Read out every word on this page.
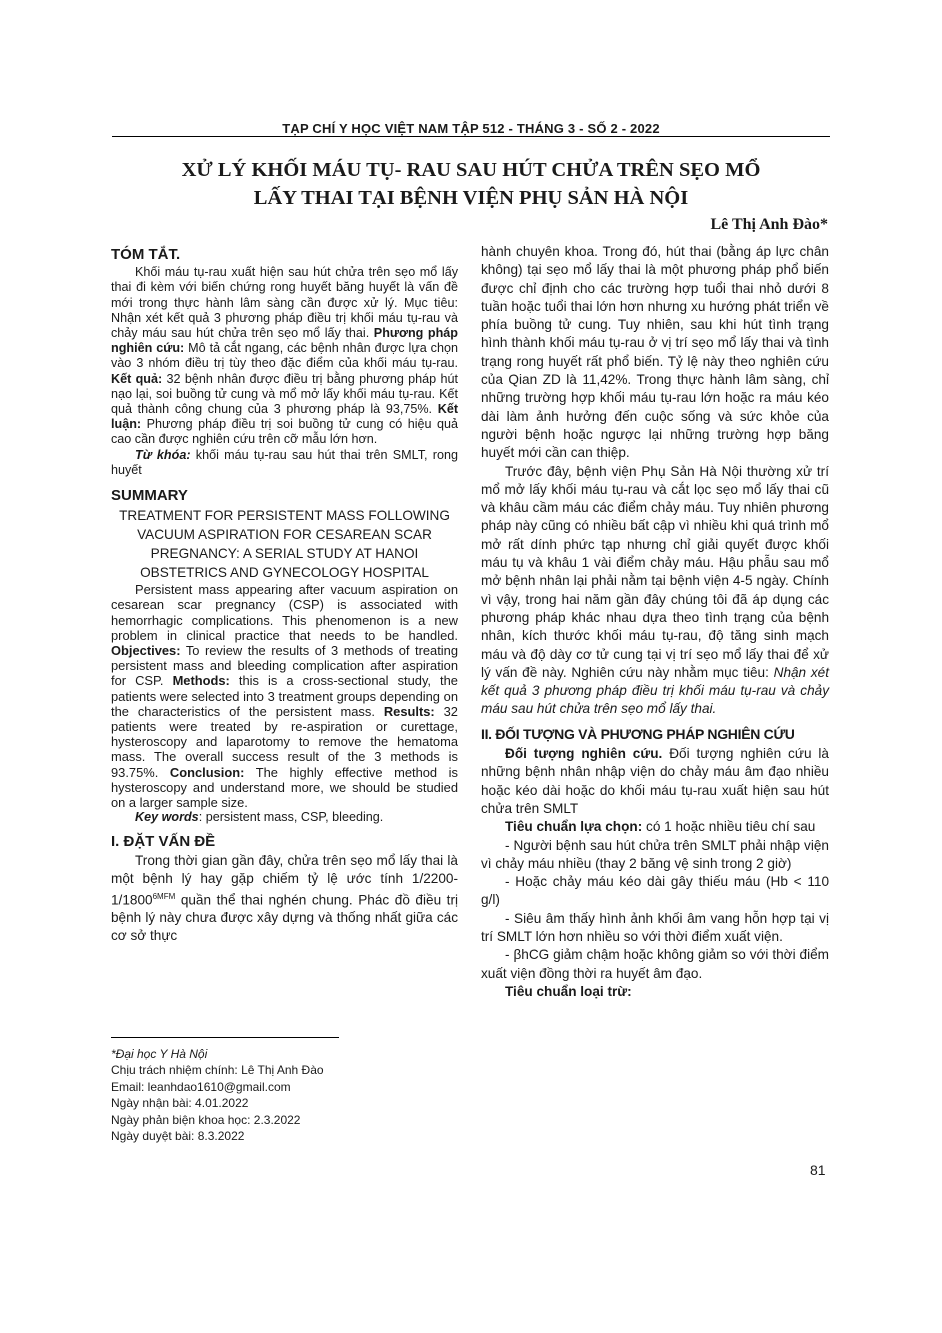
TẠP CHÍ Y HỌC VIỆT NAM TẬP 512 - THÁNG 3 - SỐ 2 - 2022
XỬ LÝ KHỐI MÁU TỤ- RAU SAU HÚT CHỬA TRÊN SẸO MỔ
LẤY THAI TẠI BỆNH VIỆN PHỤ SẢN HÀ NỘI
Lê Thị Anh Đào*
TÓM TẮT.

Khối máu tụ-rau xuất hiện sau hút chửa trên sẹo mổ lấy thai đi kèm với biến chứng rong huyết băng huyết là vấn đề mới trong thực hành lâm sàng cần được xử lý. Mục tiêu: Nhận xét kết quả 3 phương pháp điều trị khối máu tụ-rau và chảy máu sau hút chửa trên sẹo mổ lấy thai. Phương pháp nghiên cứu: Mô tả cắt ngang, các bệnh nhân được lựa chọn vào 3 nhóm điều trị tùy theo đặc điểm của khối máu tụ-rau. Kết quả: 32 bệnh nhân được điều trị bằng phương pháp hút nạo lại, soi buồng tử cung và mổ mở lấy khối máu tụ-rau. Kết quả thành công chung của 3 phương pháp là 93,75%. Kết luận: Phương pháp điều trị soi buồng tử cung có hiệu quả cao cần được nghiên cứu trên cỡ mẫu lớn hơn.

Từ khóa: khối máu tụ-rau sau hút thai trên SMLT, rong huyết

SUMMARY
TREATMENT FOR PERSISTENT MASS FOLLOWING VACUUM ASPIRATION FOR CESAREAN SCAR PREGNANCY: A SERIAL STUDY AT HANOI OBSTETRICS AND GYNECOLOGY HOSPITAL

Persistent mass appearing after vacuum aspiration on cesarean scar pregnancy (CSP) is associated with hemorrhagic complications. This phenomenon is a new problem in clinical practice that needs to be handled. Objectives: To review the results of 3 methods of treating persistent mass and bleeding complication after aspiration for CSP. Methods: this is a cross-sectional study, the patients were selected into 3 treatment groups depending on the characteristics of the persistent mass. Results: 32 patients were treated by re-aspiration or curettage, hysteroscopy and laparotomy to remove the hematoma mass. The overall success result of the 3 methods is 93.75%. Conclusion: The highly effective method is hysteroscopy and understand more, we should be studied on a larger sample size.

Key words: persistent mass, CSP, bleeding.

I. ĐẶT VẤN ĐỀ

Trong thời gian gần đây, chửa trên sẹo mổ lấy thai là một bệnh lý hay gặp chiếm tỷ lệ ước tính $1/2200-1/1800^{6MFM}$ quần thể thai nghén chung. Phác đồ điều trị bệnh lý này chưa được xây dựng và thống nhất giữa các cơ sở thực

*Đại học Y Hà Nội
Chịu trách nhiệm chính: Lê Thị Anh Đào
Email: leanhdao1610@gmail.com
Ngày nhận bài: 4.01.2022
Ngày phản biện khoa học: 2.3.2022
Ngày duyệt bài: 8.3.2022

hành chuyên khoa. Trong đó, hút thai (bằng áp lực chân không) tại sẹo mổ lấy thai là một phương pháp phổ biến được chỉ định cho các trường hợp tuổi thai nhỏ dưới 8 tuần hoặc tuổi thai lớn hơn nhưng xu hướng phát triển về phía buồng tử cung. Tuy nhiên, sau khi hút tình trạng hình thành khối máu tụ-rau ở vị trí sẹo mổ lấy thai và tình trạng rong huyết rất phổ biến. Tỷ lệ này theo nghiên cứu của Qian ZD là 11,42%. Trong thực hành lâm sàng, chỉ những trường hợp khối máu tụ-rau lớn hoặc ra máu kéo dài làm ảnh hưởng đến cuộc sống và sức khỏe của người bệnh hoặc ngược lại những trường hợp băng huyết mới cần can thiệp.

Trước đây, bệnh viện Phụ Sản Hà Nội thường xử trí mổ mở lấy khối máu tụ-rau và cắt lọc sẹo mổ lấy thai cũ và khâu cầm máu các điểm chảy máu. Tuy nhiên phương pháp này cũng có nhiều bất cập vì nhiều khi quá trình mổ mở rất dính phức tạp nhưng chỉ giải quyết được khối máu tụ và khâu 1 vài điểm chảy máu. Hậu phẫu sau mổ mở bệnh nhân lại phải nằm tại bệnh viện 4-5 ngày. Chính vì vậy, trong hai năm gần đây chúng tôi đã áp dụng các phương pháp khác nhau dựa theo tình trạng của bệnh nhân, kích thước khối máu tụ-rau, độ tăng sinh mạch máu và độ dày cơ tử cung tại vị trí sẹo mổ lấy thai để xử lý vấn đề này. Nghiên cứu này nhằm mục tiêu: Nhận xét kết quả 3 phương pháp điều trị khối máu tụ-rau và chảy máu sau hút chửa trên sẹo mổ lấy thai.

II. ĐỐI TƯỢNG VÀ PHƯƠNG PHÁP NGHIÊN CỨU

Đối tượng nghiên cứu. Đối tượng nghiên cứu là những bệnh nhân nhập viện do chảy máu âm đạo nhiều hoặc kéo dài hoặc do khối máu tụ-rau xuất hiện sau hút chửa trên SMLT

Tiêu chuẩn lựa chọn: có 1 hoặc nhiều tiêu chí sau

- Người bệnh sau hút chửa trên SMLT phải nhập viện vì chảy máu nhiều (thay 2 băng vệ sinh trong 2 giờ)

- Hoặc chảy máu kéo dài gây thiếu máu (Hb < 110 g/l)

- Siêu âm thấy hình ảnh khối âm vang hỗn hợp tại vị trí SMLT lớn hơn nhiều so với thời điểm xuất viện.

- βhCG giảm chậm hoặc không giảm so với thời điểm xuất viện đồng thời ra huyết âm đạo.

Tiêu chuẩn loại trừ:

81
